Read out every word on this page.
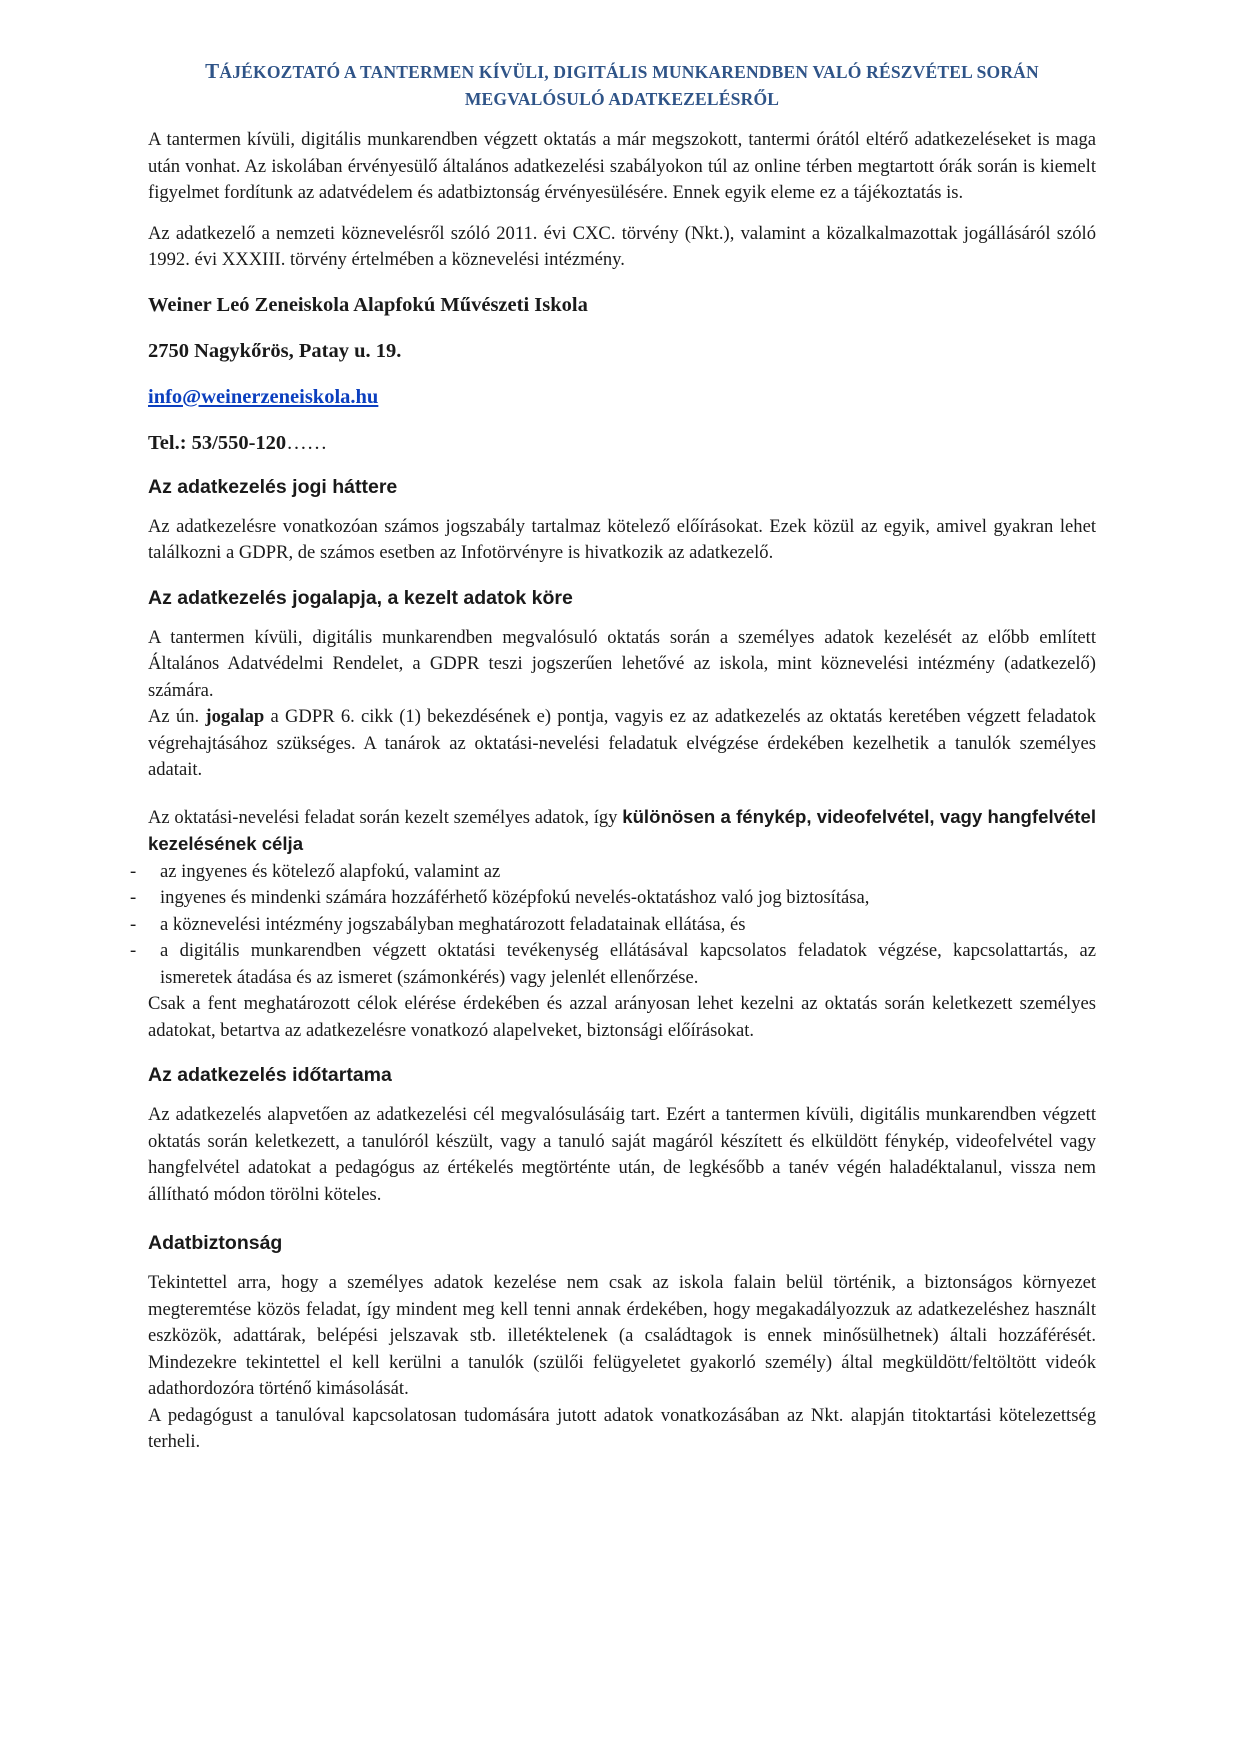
TÁJÉKOZTATÓ A TANTERMEN KÍVÜLI, DIGITÁLIS MUNKARENDBEN VALÓ RÉSZVÉTEL SORÁN
MEGVALÓSULÓ ADATKEZELÉSRŐL

A tantermen kívüli, digitális munkarendben végzett oktatás a már megszokott, tantermi órától eltérő adatkezeléseket is maga után vonhat. Az iskolában érvényesülő általános adatkezelési szabályokon túl az online térben megtartott órák során is kiemelt figyelmet fordítunk az adatvédelem és adatbiztonság érvényesülésére. Ennek egyik eleme ez a tájékoztatás is.

Az adatkezelő a nemzeti köznevelésről szóló 2011. évi CXC. törvény (Nkt.), valamint a közalkalmazottak jogállásáról szóló 1992. évi XXXIII. törvény értelmében a köznevelési intézmény.

Weiner Leó Zeneiskola Alapfokú Művészeti Iskola

2750 Nagykőrös, Patay u. 19.

info@weinerzeneiskola.hu

Tel.: 53/550-120……

Az adatkezelés jogi háttere

Az adatkezelésre vonatkozóan számos jogszabály tartalmaz kötelező előírásokat. Ezek közül az egyik, amivel gyakran lehet találkozni a GDPR, de számos esetben az Infotörvényre is hivatkozik az adatkezelő.

Az adatkezelés jogalapja, a kezelt adatok köre

A tantermen kívüli, digitális munkarendben megvalósuló oktatás során a személyes adatok kezelését az előbb említett Általános Adatvédelmi Rendelet, a GDPR teszi jogszerűen lehetővé az iskola, mint köznevelési intézmény (adatkezelő) számára.

Az ún. jogalap a GDPR 6. cikk (1) bekezdésének e) pontja, vagyis ez az adatkezelés az oktatás keretében végzett feladatok végrehajtásához szükséges. A tanárok az oktatási-nevelési feladatuk elvégzése érdekében kezelhetik a tanulók személyes adatait.

Az oktatási-nevelési feladat során kezelt személyes adatok, így különösen a fénykép, videofelvétel, vagy hangfelvétel kezelésének célja

- az ingyenes és kötelező alapfokú, valamint az
- ingyenes és mindenki számára hozzáférhető középfokú nevelés-oktatáshoz való jog biztosítása,
- a köznevelési intézmény jogszabályban meghatározott feladatainak ellátása, és
- a digitális munkarendben végzett oktatási tevékenység ellátásával kapcsolatos feladatok végzése, kapcsolattartás, az ismeretek átadása és az ismeret (számonkérés) vagy jelenlét ellenőrzése.

Csak a fent meghatározott célok elérése érdekében és azzal arányosan lehet kezelni az oktatás során keletkezett személyes adatokat, betartva az adatkezelésre vonatkozó alapelveket, biztonsági előírásokat.

Az adatkezelés időtartama

Az adatkezelés alapvetően az adatkezelési cél megvalósulásáig tart. Ezért a tantermen kívüli, digitális munkarendben végzett oktatás során keletkezett, a tanulóról készült, vagy a tanuló saját magáról készített és elküldött fénykép, videofelvétel vagy hangfelvétel adatokat a pedagógus az értékelés megtörténte után, de legkésőbb a tanév végén haladéktalanul, vissza nem állítható módon törölni köteles.

Adatbiztonság

Tekintettel arra, hogy a személyes adatok kezelése nem csak az iskola falain belül történik, a biztonságos környezet megteremtése közös feladat, így mindent meg kell tenni annak érdekében, hogy megakadályozzuk az adatkezeléshez használt eszközök, adattárak, belépési jelszavak stb. illetéktelenek (a családtagok is ennek minősülhetnek) általi hozzáférését. Mindezekre tekintettel el kell kerülni a tanulók (szülői felügyeletet gyakorló személy) által megküldött/feltöltött videók adathordozóra történő kimásolását.

A pedagógust a tanulóval kapcsolatosan tudomására jutott adatok vonatkozásában az Nkt. alapján titoktartási kötelezettség terheli.
